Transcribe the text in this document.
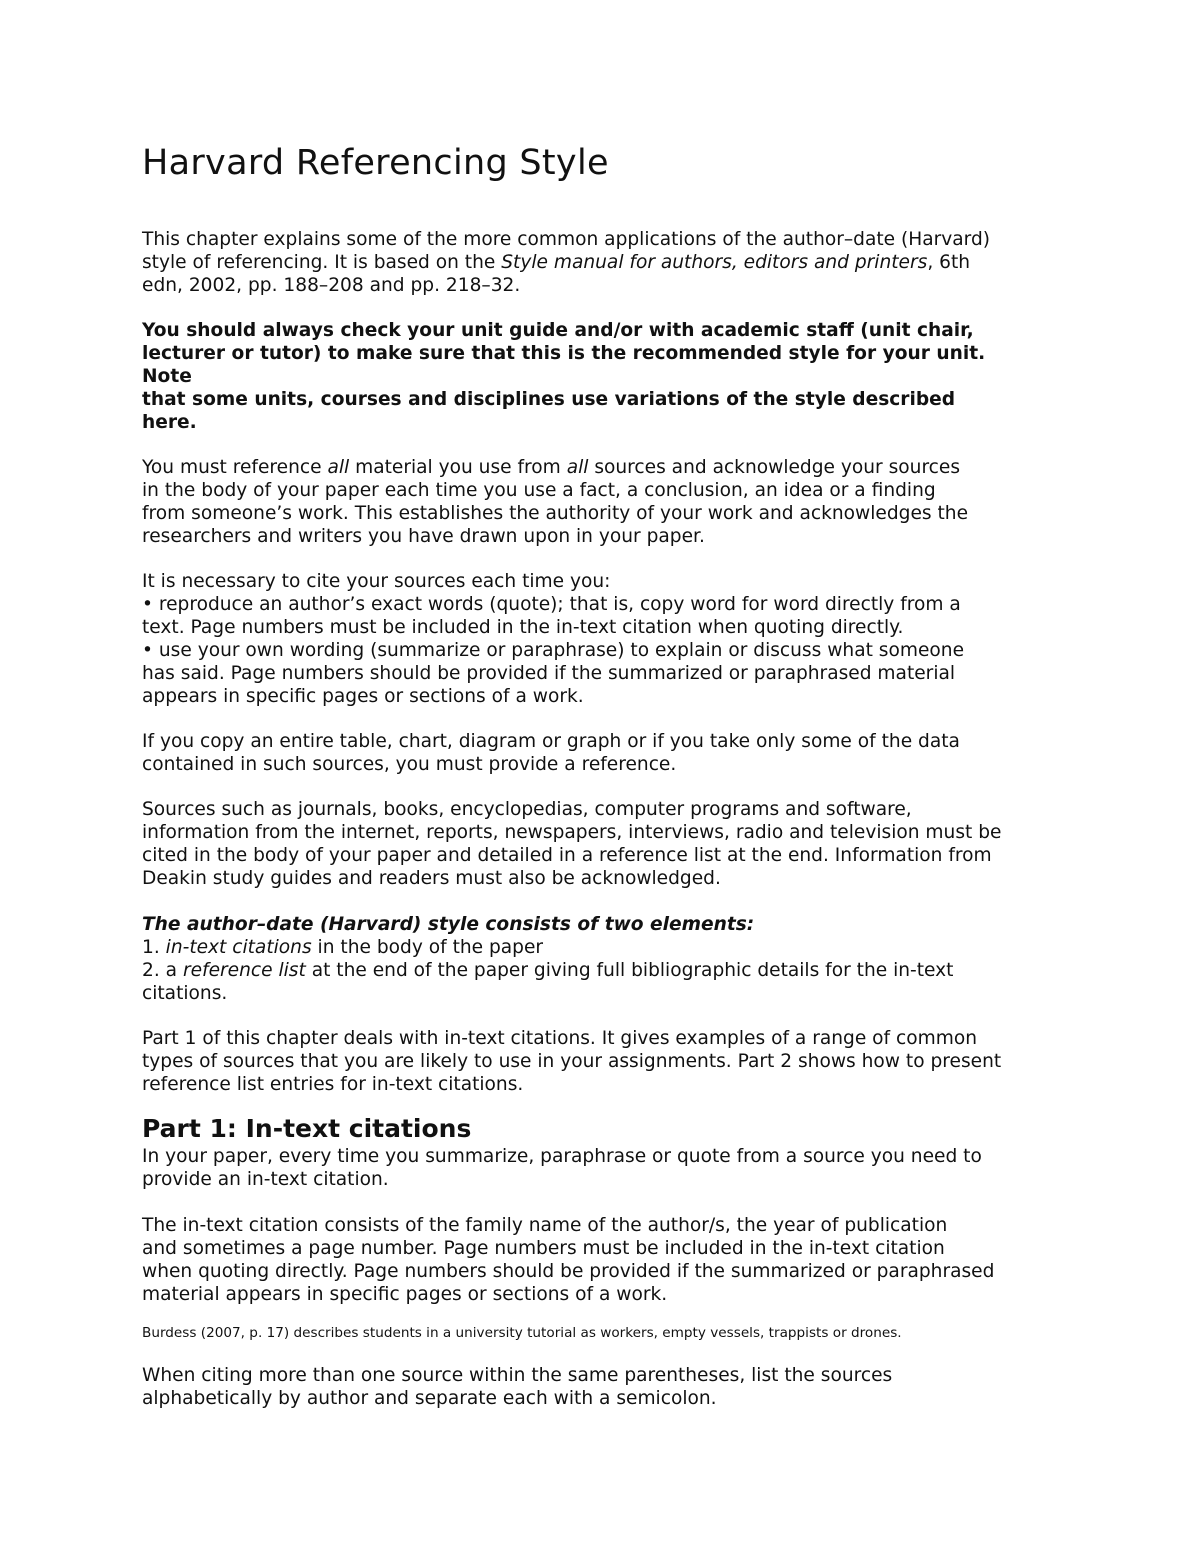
Harvard Referencing Style

This chapter explains some of the more common applications of the author–date (Harvard)
style of referencing. It is based on the Style manual for authors, editors and printers, 6th
edn, 2002, pp. 188–208 and pp. 218–32.

You should always check your unit guide and/or with academic staff (unit chair,
lecturer or tutor) to make sure that this is the recommended style for your unit.
Note
that some units, courses and disciplines use variations of the style described
here.

You must reference all material you use from all sources and acknowledge your sources
in the body of your paper each time you use a fact, a conclusion, an idea or a finding
from someone’s work. This establishes the authority of your work and acknowledges the
researchers and writers you have drawn upon in your paper.

It is necessary to cite your sources each time you:
• reproduce an author’s exact words (quote); that is, copy word for word directly from a
text. Page numbers must be included in the in-text citation when quoting directly.
• use your own wording (summarize or paraphrase) to explain or discuss what someone
has said. Page numbers should be provided if the summarized or paraphrased material
appears in specific pages or sections of a work.

If you copy an entire table, chart, diagram or graph or if you take only some of the data
contained in such sources, you must provide a reference.

Sources such as journals, books, encyclopedias, computer programs and software,
information from the internet, reports, newspapers, interviews, radio and television must be
cited in the body of your paper and detailed in a reference list at the end. Information from
Deakin study guides and readers must also be acknowledged.

The author–date (Harvard) style consists of two elements:
1. in-text citations in the body of the paper
2. a reference list at the end of the paper giving full bibliographic details for the in-text
citations.

Part 1 of this chapter deals with in-text citations. It gives examples of a range of common
types of sources that you are likely to use in your assignments. Part 2 shows how to present
reference list entries for in-text citations.

Part 1: In-text citations

In your paper, every time you summarize, paraphrase or quote from a source you need to
provide an in-text citation.

The in-text citation consists of the family name of the author/s, the year of publication
and sometimes a page number. Page numbers must be included in the in-text citation
when quoting directly. Page numbers should be provided if the summarized or paraphrased
material appears in specific pages or sections of a work.

Burdess (2007, p. 17) describes students in a university tutorial as workers, empty vessels, trappists or drones.

When citing more than one source within the same parentheses, list the sources
alphabetically by author and separate each with a semicolon.
